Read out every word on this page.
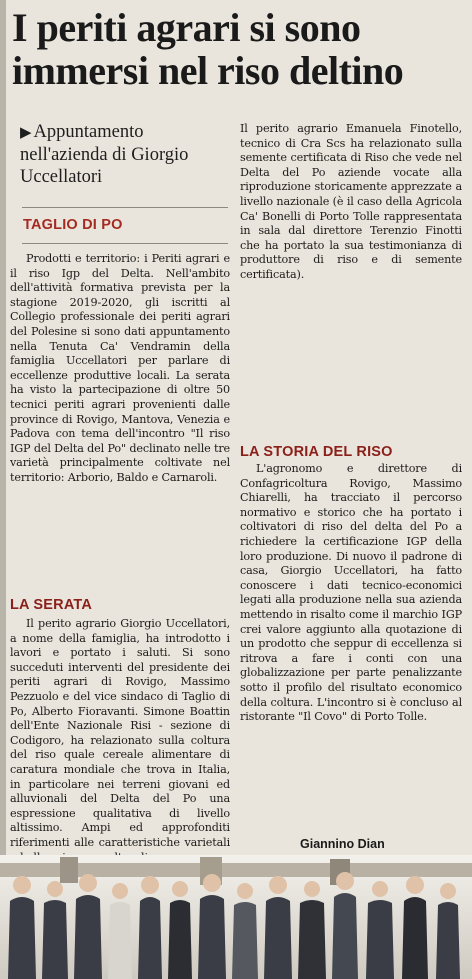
I periti agrari si sono immersi nel riso deltino
▶ Appuntamento nell'azienda di Giorgio Uccellatori
TAGLIO DI PO

Prodotti e territorio: i Periti agrari e il riso Igp del Delta. Nell'ambito dell'attività formativa prevista per la stagione 2019-2020, gli iscritti al Collegio professionale dei periti agrari del Polesine si sono dati appuntamento nella Tenuta Ca' Vendramin della famiglia Uccellatori per parlare di eccellenze produttive locali. La serata ha visto la partecipazione di oltre 50 tecnici periti agrari provenienti dalle province di Rovigo, Mantova, Venezia e Padova con tema dell'incontro "Il riso IGP del Delta del Po" declinato nelle tre varietà principalmente coltivate nel territorio: Arborio, Baldo e Carnaroli.

LA SERATA

Il perito agrario Giorgio Uccellatori, a nome della famiglia, ha introdotto i lavori e portato i saluti. Si sono succeduti interventi del presidente dei periti agrari di Rovigo, Massimo Pezzuolo e del vice sindaco di Taglio di Po, Alberto Fioravanti. Simone Boattin dell'Ente Nazionale Risi - sezione di Codigoro, ha relazionato sulla coltura del riso quale cereale alimentare di caratura mondiale che trova in Italia, in particolare nei terreni giovani ed alluvionali del Delta del Po una espressione qualitativa di livello altissimo. Ampi ed approfonditi riferimenti alle caratteristiche varietali

Il perito agrario Emanuela Finotello, tecnico di Cra Scs ha relazionato sulla semente certificata di Riso che vede nel Delta del Po aziende vocate alla riproduzione storicamente apprezzate a livello nazionale (è il caso della Agricola Ca' Bonelli di Porto Tolle rappresentata in sala dal direttore Terenzio Finotti che ha portato la sua testimonianza di produttore di riso e di semente certificata).

LA STORIA DEL RISO

L'agronomo e direttore di Confagricoltura Rovigo, Massimo Chiarelli, ha tracciato il percorso normativo e storico che ha portato i coltivatori di riso del delta del Po a richiedere la certificazione IGP della loro produzione. Di nuovo il padrone di casa, Giorgio Uccellatori, ha fatto conoscere i dati tecnico-economici legati alla produzione nella sua azienda mettendo in risalto come il marchio IGP crei valore aggiunto alla quotazione di un prodotto che seppur di eccellenza si ritrova a fare i conti con una globalizzazione per parte penalizzante sotto il profilo del risultato economico della coltura. L'incontro si è concluso al ristorante "Il Covo" di Porto Tolle.

Giannino Dian
